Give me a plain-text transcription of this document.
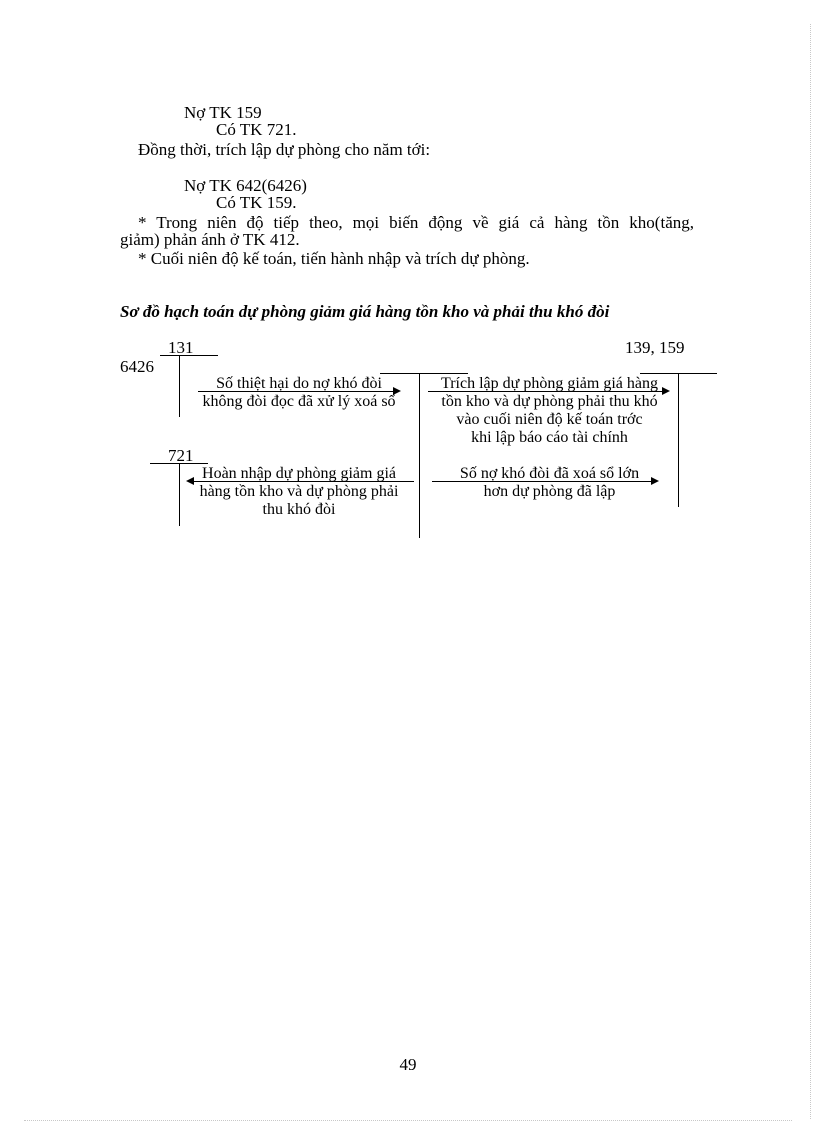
Nợ TK 159
Có TK 721.
Đồng thời, trích lập dự phòng cho năm tới:
Nợ TK 642(6426)
Có TK 159.
* Trong niên độ tiếp theo, mọi biến động về giá cả hàng tồn kho(tăng,
giảm) phản ánh ở TK 412.
* Cuối niên độ kế toán, tiến hành nhập và trích dự phòng.
Sơ đồ hạch toán dự phòng giảm giá hàng tồn kho và phải thu khó đòi
131
6426
139, 159
721
Số thiệt hại do nợ khó đòi
không đòi đọc đã xử lý xoá sổ
Trích lập dự phòng giảm giá hàng
tồn kho và dự phòng phải thu khó
vào cuối niên độ kế toán trớc
khi lập báo cáo tài chính
Hoàn nhập dự phòng giảm giá
hàng tồn kho và dự phòng phải
thu khó đòi
Số nợ khó đòi đã xoá sổ lớn
hơn dự phòng đã lập
49
